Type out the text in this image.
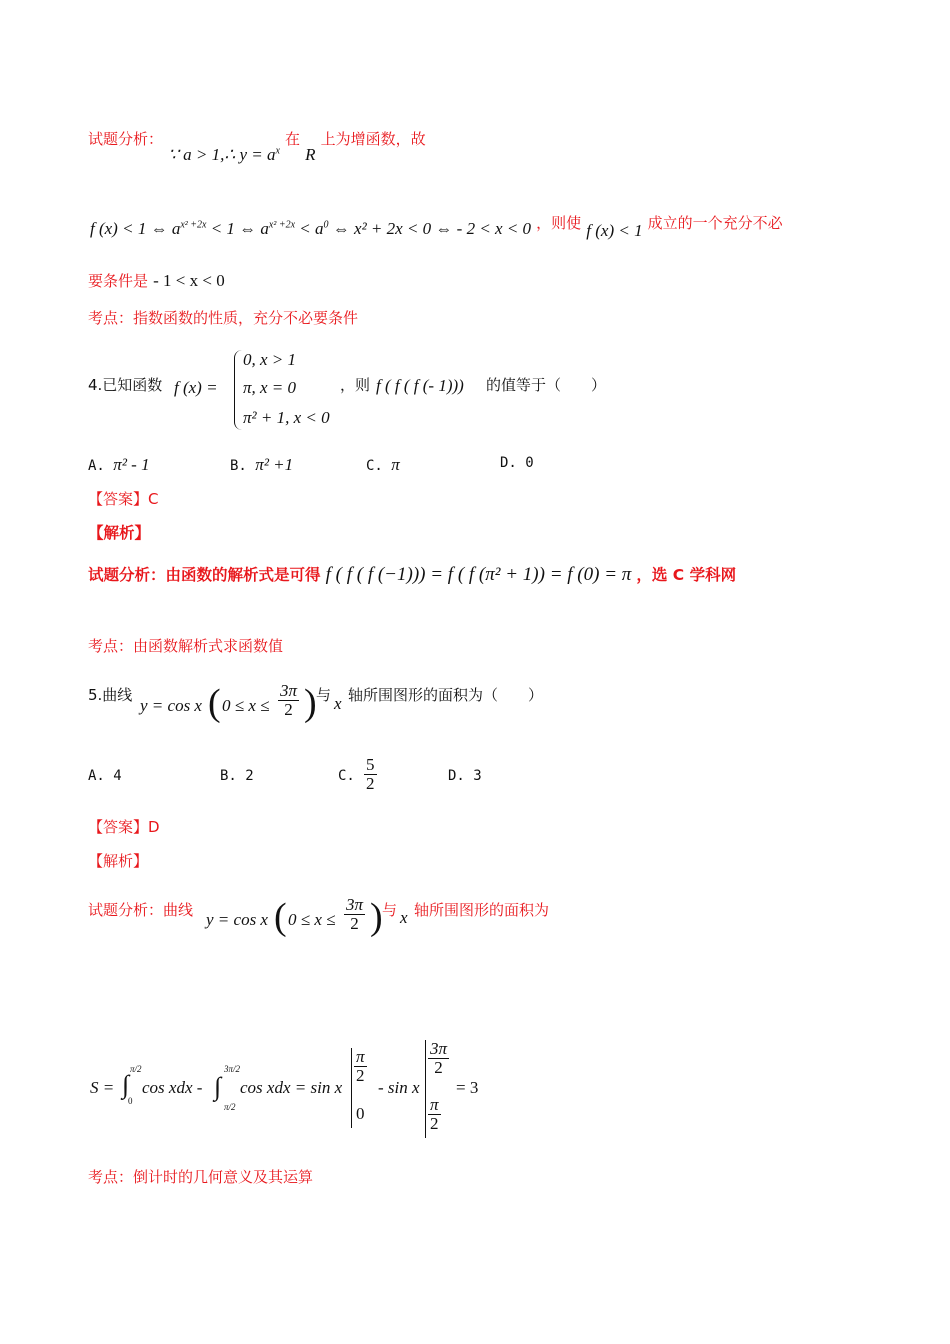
试题分析： ∵ a > 1,∴ $y = a^x$ 在 R 上为增函数，故
f (x) < 1 ⇔ $a^{x^2 +2x} < 1$ ⇔ $a^{x^2 +2x} < a^0$ ⇔ x² + 2x < 0 ⇔ - 2 < x < 0 ，则使 f (x) < 1 成立的一个充分不必
要条件是 - 1 < x < 0
考点：指数函数的性质，充分不必要条件
4.已知函数 f (x) =
0, x > 1
π, x = 0
π² + 1, x < 0
，则 f ( f ( f (- 1))) 的值等于（　　）
A. π² - 1	B. π² +1	C. π	D. 0
【答案】C
【解析】
试题分析：由函数的解析式是可得 f ( f ( f (−1))) = f ( f (π² + 1)) = f (0) = π ，选 C 学科网
考点：由函数解析式求函数值
5.曲线
y = cos x ( $0 \le x \le \frac{3\pi}{2}$ ) 与 x 轴所围图形的面积为（　　）
A. 4	B. 2	C. $\frac{5}{2}$	D. 3
【答案】D
【解析】
试题分析：曲线 y = cos x ( $0 \le x \le \frac{3\pi}{2}$ ) 与 x 轴所围图形的面积为
S = ∫
π/2
0
cos xdx - ∫
3π/2
π/2
cos xdx = sin x
$\frac{\pi}{2}$
0
- sin x
$\frac{3\pi}{2}$
$\frac{\pi}{2}$
= 3
考点：倒计时的几何意义及其运算
